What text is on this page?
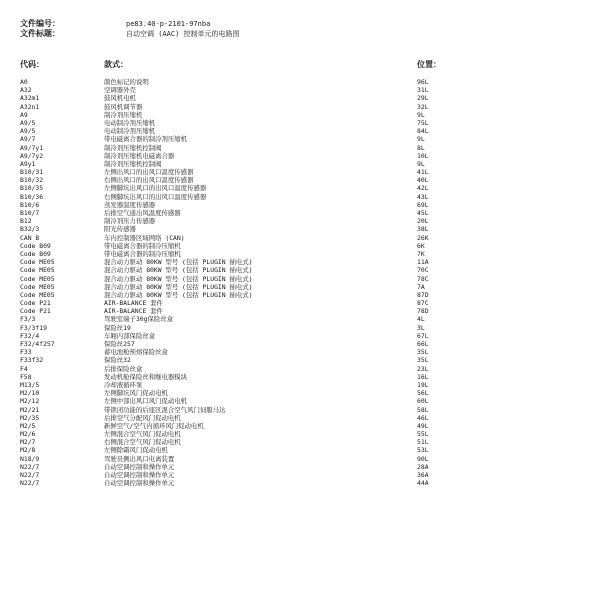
文件编号：	pe83.40-p-2101-97nba
文件标题：	自动空调 (AAC) 控制单元的电路图
代码：	款式：	位置：
A0	颜色标记的说明	96L
A32	空调器外壳	31L
A32m1	鼓风机电机	29L
A32n1	鼓风机调节器	32L
A9	制冷剂压缩机	9L
A9/5	电动制冷剂压缩机	75L
A9/5	电动制冷剂压缩机	84L
A9/7	带电磁离合器的制冷剂压缩机	9L
A9/7y1	制冷剂压缩机控制阀	8L
A9/7y2	制冷剂压缩机电磁离合器	10L
A9y1	制冷剂压缩机控制阀	9L
B10/31	左侧出风口的出风口温度传感器	41L
B10/32	右侧出风口的出风口温度传感器	40L
B10/35	左侧脚坑出风口的出风口温度传感器	42L
B10/36	右侧脚坑出风口的出风口温度传感器	43L
B10/6	蒸发器温度传感器	69L
B10/7	后排空气通出风温度传感器	45L
B12	制冷剂压力传感器	20L
B32/3	阳光传感器	38L
CAN B	车内控制器区域网络 (CAN)	26K
Code B09	带电磁离合器的制冷压缩机	6K
Code B09	带电磁离合器的制冷压缩机	7K
Code ME05	混合动力驱动 80KW 型号 (包括 PLUGIN 插电式)	11A
Code ME05	混合动力驱动 80KW 型号 (包括 PLUGIN 插电式)	70C
Code ME05	混合动力驱动 80KW 型号 (包括 PLUGIN 插电式)	78C
Code ME05	混合动力驱动 80KW 型号 (包括 PLUGIN 插电式)	7A
Code ME05	混合动力驱动 80KW 型号 (包括 PLUGIN 插电式)	87D
Code P21	AIR-BALANCE 套件	87C
Code P21	AIR-BALANCE 套件	78D
F3/3	驾驶室端子30g保险丝盒	4L
F3/3f19	保险丝19	3L
F32/4	车厢内部保险丝盒	67L
F32/4f257	保险丝257	66L
F33	蓄电池舱预熔保险丝盒	35L
F33f32	保险丝32	35L
F4	后排保险丝盒	23L
F58	发动机舱保险丝和继电器模块	16L
M13/5	冷却液循环泵	19L
M2/10	左侧脚坑风门促动电机	56L
M2/12	左侧中部出风口风门促动电机	60L
M2/21	带锁闭功能的后座区混合空气风门伺服马达	58L
M2/35	后排空气分配风门促动电机	46L
M2/5	新鲜空气/空气内循环风门促动电机	49L
M2/6	左侧混合空气风门促动电机	55L
M2/7	右侧混合空气风门促动电机	51L
M2/8	左侧除霜风门促动电机	53L
N18/9	驾驶员侧出风口电离装置	90L
N22/7	自动空调控制和操作单元	28A
N22/7	自动空调控制和操作单元	36A
N22/7	自动空调控制和操作单元	44A
